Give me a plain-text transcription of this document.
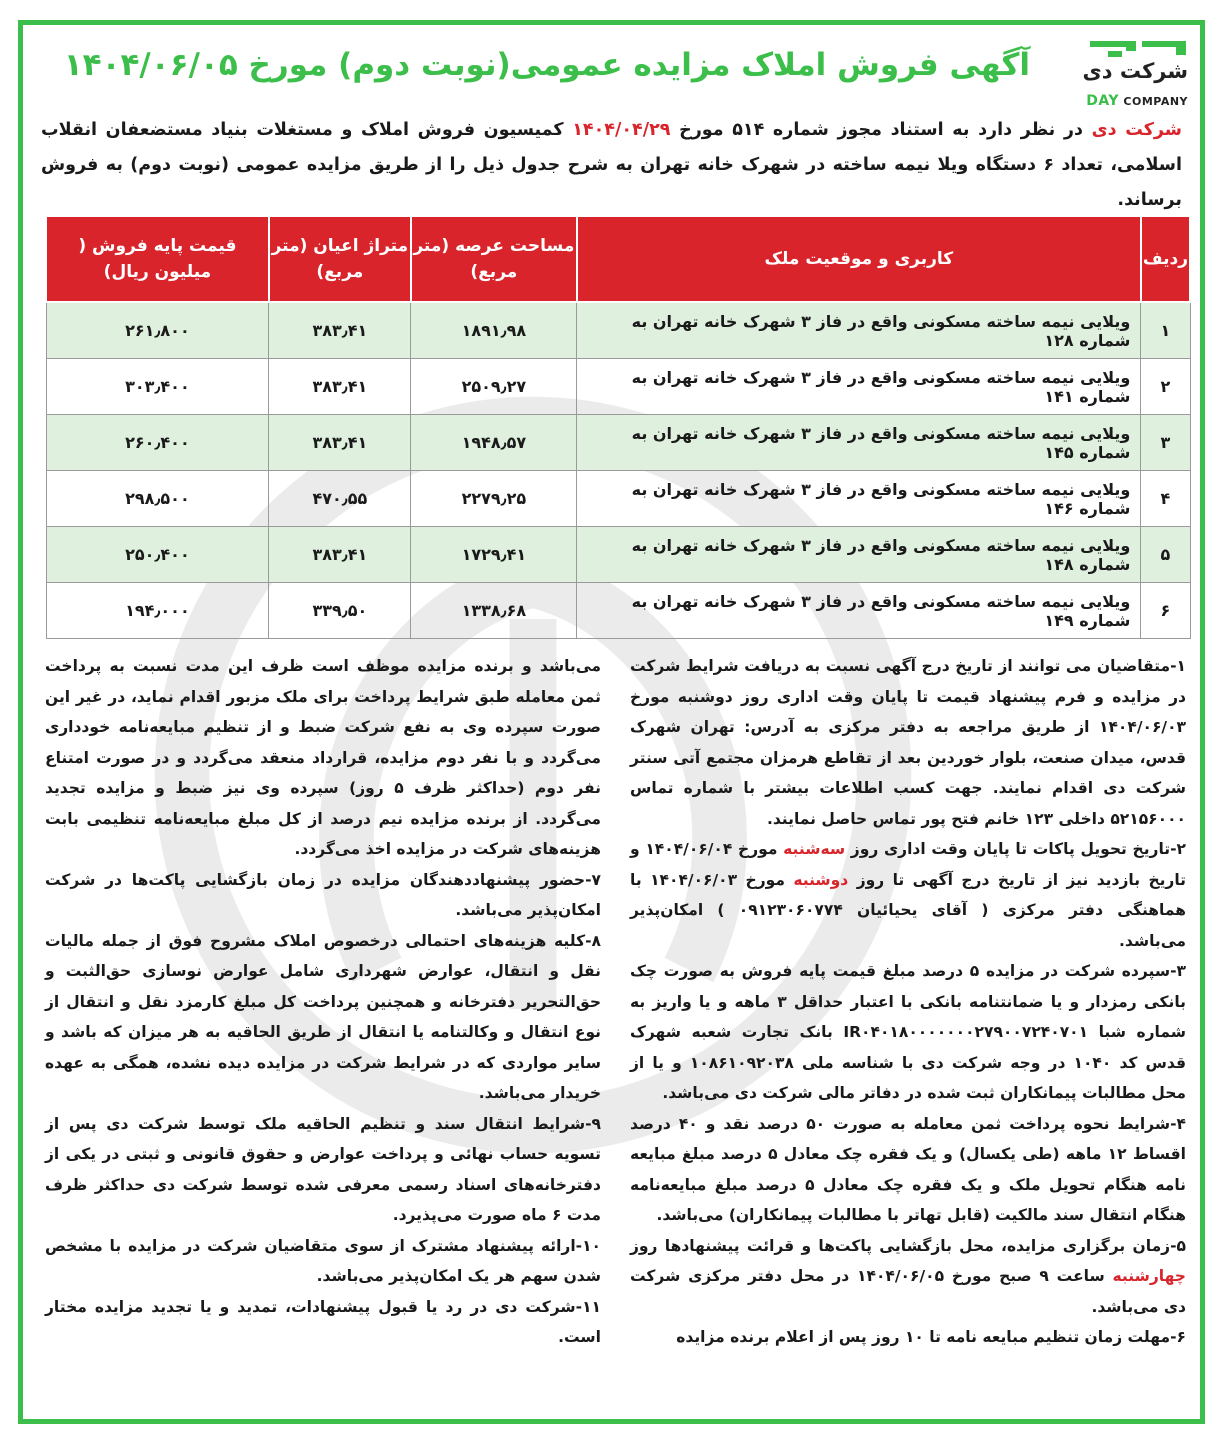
شرکت دی
DAY COMPANY
آگهی فروش املاک مزایده عمومی(نوبت دوم) مورخ ۱۴۰۴/۰۶/۰۵
شرکت دی در نظر دارد به استناد مجوز شماره ۵۱۴ مورخ ۱۴۰۴/۰۴/۲۹ کمیسیون فروش املاک و مستغلات بنیاد مستضعفان انقلاب اسلامی، تعداد ۶ دستگاه ویلا نیمه ساخته در شهرک خانه تهران به شرح جدول ذیل را از طریق مزایده عمومی (نوبت دوم) به فروش برساند.
ردیف	کاربری و موقعیت ملک	مساحت عرصه (متر مربع)	متراژ اعیان (متر مربع)	قیمت پایه فروش ( میلیون ریال)
۱	ویلایی نیمه ساخته مسکونی واقع در فاز ۳ شهرک خانه تهران به شماره ۱۲۸	۱۸۹۱٫۹۸	۳۸۳٫۴۱	۲۶۱٫۸۰۰
۲	ویلایی نیمه ساخته مسکونی واقع در فاز ۳ شهرک خانه تهران به شماره ۱۴۱	۲۵۰۹٫۲۷	۳۸۳٫۴۱	۳۰۳٫۴۰۰
۳	ویلایی نیمه ساخته مسکونی واقع در فاز ۳ شهرک خانه تهران به شماره ۱۴۵	۱۹۴۸٫۵۷	۳۸۳٫۴۱	۲۶۰٫۴۰۰
۴	ویلایی نیمه ساخته مسکونی واقع در فاز ۳ شهرک خانه تهران به شماره ۱۴۶	۲۲۷۹٫۲۵	۴۷۰٫۵۵	۲۹۸٫۵۰۰
۵	ویلایی نیمه ساخته مسکونی واقع در فاز ۳ شهرک خانه تهران به شماره ۱۴۸	۱۷۲۹٫۴۱	۳۸۳٫۴۱	۲۵۰٫۴۰۰
۶	ویلایی نیمه ساخته مسکونی واقع در فاز ۳ شهرک خانه تهران به شماره ۱۴۹	۱۳۳۸٫۶۸	۳۳۹٫۵۰	۱۹۴٫۰۰۰

۱-متقاضیان می توانند از تاریخ درج آگهی نسبت به دریافت شرایط شرکت در مزایده و فرم پیشنهاد قیمت تا پایان وقت اداری روز دوشنبه مورخ ۱۴۰۴/۰۶/۰۳ از طریق مراجعه به دفتر مرکزی به آدرس: تهران شهرک قدس، میدان صنعت، بلوار خوردین بعد از تقاطع هرمزان مجتمع آتی سنتر شرکت دی اقدام نمایند. جهت کسب اطلاعات بیشتر با شماره تماس ۵۲۱۵۶۰۰۰ داخلی ۱۲۳ خانم فتح پور تماس حاصل نمایند.

۲-تاریخ تحویل پاکات تا پایان وقت اداری روز سه‌شنبه مورخ ۱۴۰۴/۰۶/۰۴ و تاریخ بازدید نیز از تاریخ درج آگهی تا روز دوشنبه مورخ ۱۴۰۴/۰۶/۰۳ با هماهنگی دفتر مرکزی ( آقای یحیائیان ۰۹۱۲۳۰۶۰۷۷۴ ) امکان‌پذیر می‌باشد.

۳-سپرده شرکت در مزایده ۵ درصد مبلغ قیمت پایه فروش به صورت چک بانکی رمزدار و یا ضمانتنامه بانکی با اعتبار حداقل ۳ ماهه و یا واریز به شماره شبا IR۰۴۰۱۸۰۰۰۰۰۰۰۲۷۹۰۰۷۲۴۰۷۰۱ بانک تجارت شعبه شهرک قدس کد ۱۰۴۰ در وجه شرکت دی با شناسه ملی ۱۰۸۶۱۰۹۲۰۳۸ و یا از محل مطالبات پیمانکاران ثبت شده در دفاتر مالی شرکت دی می‌باشد.

۴-شرایط نحوه پرداخت ثمن معامله به صورت ۵۰ درصد نقد و ۴۰ درصد اقساط ۱۲ ماهه (طی یکسال) و یک فقره چک معادل ۵ درصد مبلغ مبایعه نامه هنگام تحویل ملک و یک فقره چک معادل ۵ درصد مبلغ مبایعه‌نامه هنگام انتقال سند مالکیت (قابل تهاتر با مطالبات پیمانکاران) می‌باشد.

۵-زمان برگزاری مزایده، محل بازگشایی پاکت‌ها و قرائت پیشنهادها روز چهارشنبه ساعت ۹ صبح مورخ ۱۴۰۴/۰۶/۰۵ در محل دفتر مرکزی شرکت دی می‌باشد.

۶-مهلت زمان تنظیم مبایعه نامه تا ۱۰ روز پس از اعلام برنده مزایده

می‌باشد و برنده مزایده موظف است ظرف این مدت نسبت به پرداخت ثمن معامله طبق شرایط پرداخت برای ملک مزبور اقدام نماید، در غیر این صورت سپرده وی به نفع شرکت ضبط و از تنظیم مبایعه‌نامه خودداری می‌گردد و با نفر دوم مزایده، قرارداد منعقد می‌گردد و در صورت امتناع نفر دوم (حداکثر ظرف ۵ روز) سپرده وی نیز ضبط و مزایده تجدید می‌گردد. از برنده مزایده نیم درصد از کل مبلغ مبایعه‌نامه تنظیمی بابت هزینه‌های شرکت در مزایده اخذ می‌گردد.

۷-حضور پیشنهاددهندگان مزایده در زمان بازگشایی پاکت‌ها در شرکت امکان‌پذیر می‌باشد.

۸-کلیه هزینه‌های احتمالی درخصوص املاک مشروح فوق از جمله مالیات نقل و انتقال، عوارض شهرداری شامل عوارض نوسازی حق‌الثبت و حق‌التحریر دفترخانه و همچنین پرداخت کل مبلغ کارمزد نقل و انتقال از نوع انتقال و وکالتنامه یا انتقال از طریق الحاقیه به هر میزان که باشد و سایر مواردی که در شرایط شرکت در مزایده دیده نشده، همگی به عهده خریدار می‌باشد.

۹-شرایط انتقال سند و تنظیم الحاقیه ملک توسط شرکت دی پس از تسویه حساب نهائی و پرداخت عوارض و حقوق قانونی و ثبتی در یکی از دفترخانه‌های اسناد رسمی معرفی شده توسط شرکت دی حداکثر ظرف مدت ۶ ماه صورت می‌پذیرد.

۱۰-ارائه پیشنهاد مشترک از سوی متقاضیان شرکت در مزایده با مشخص شدن سهم هر یک امکان‌پذیر می‌باشد.

۱۱-شرکت دی در رد یا قبول پیشنهادات، تمدید و یا تجدید مزایده مختار است.
